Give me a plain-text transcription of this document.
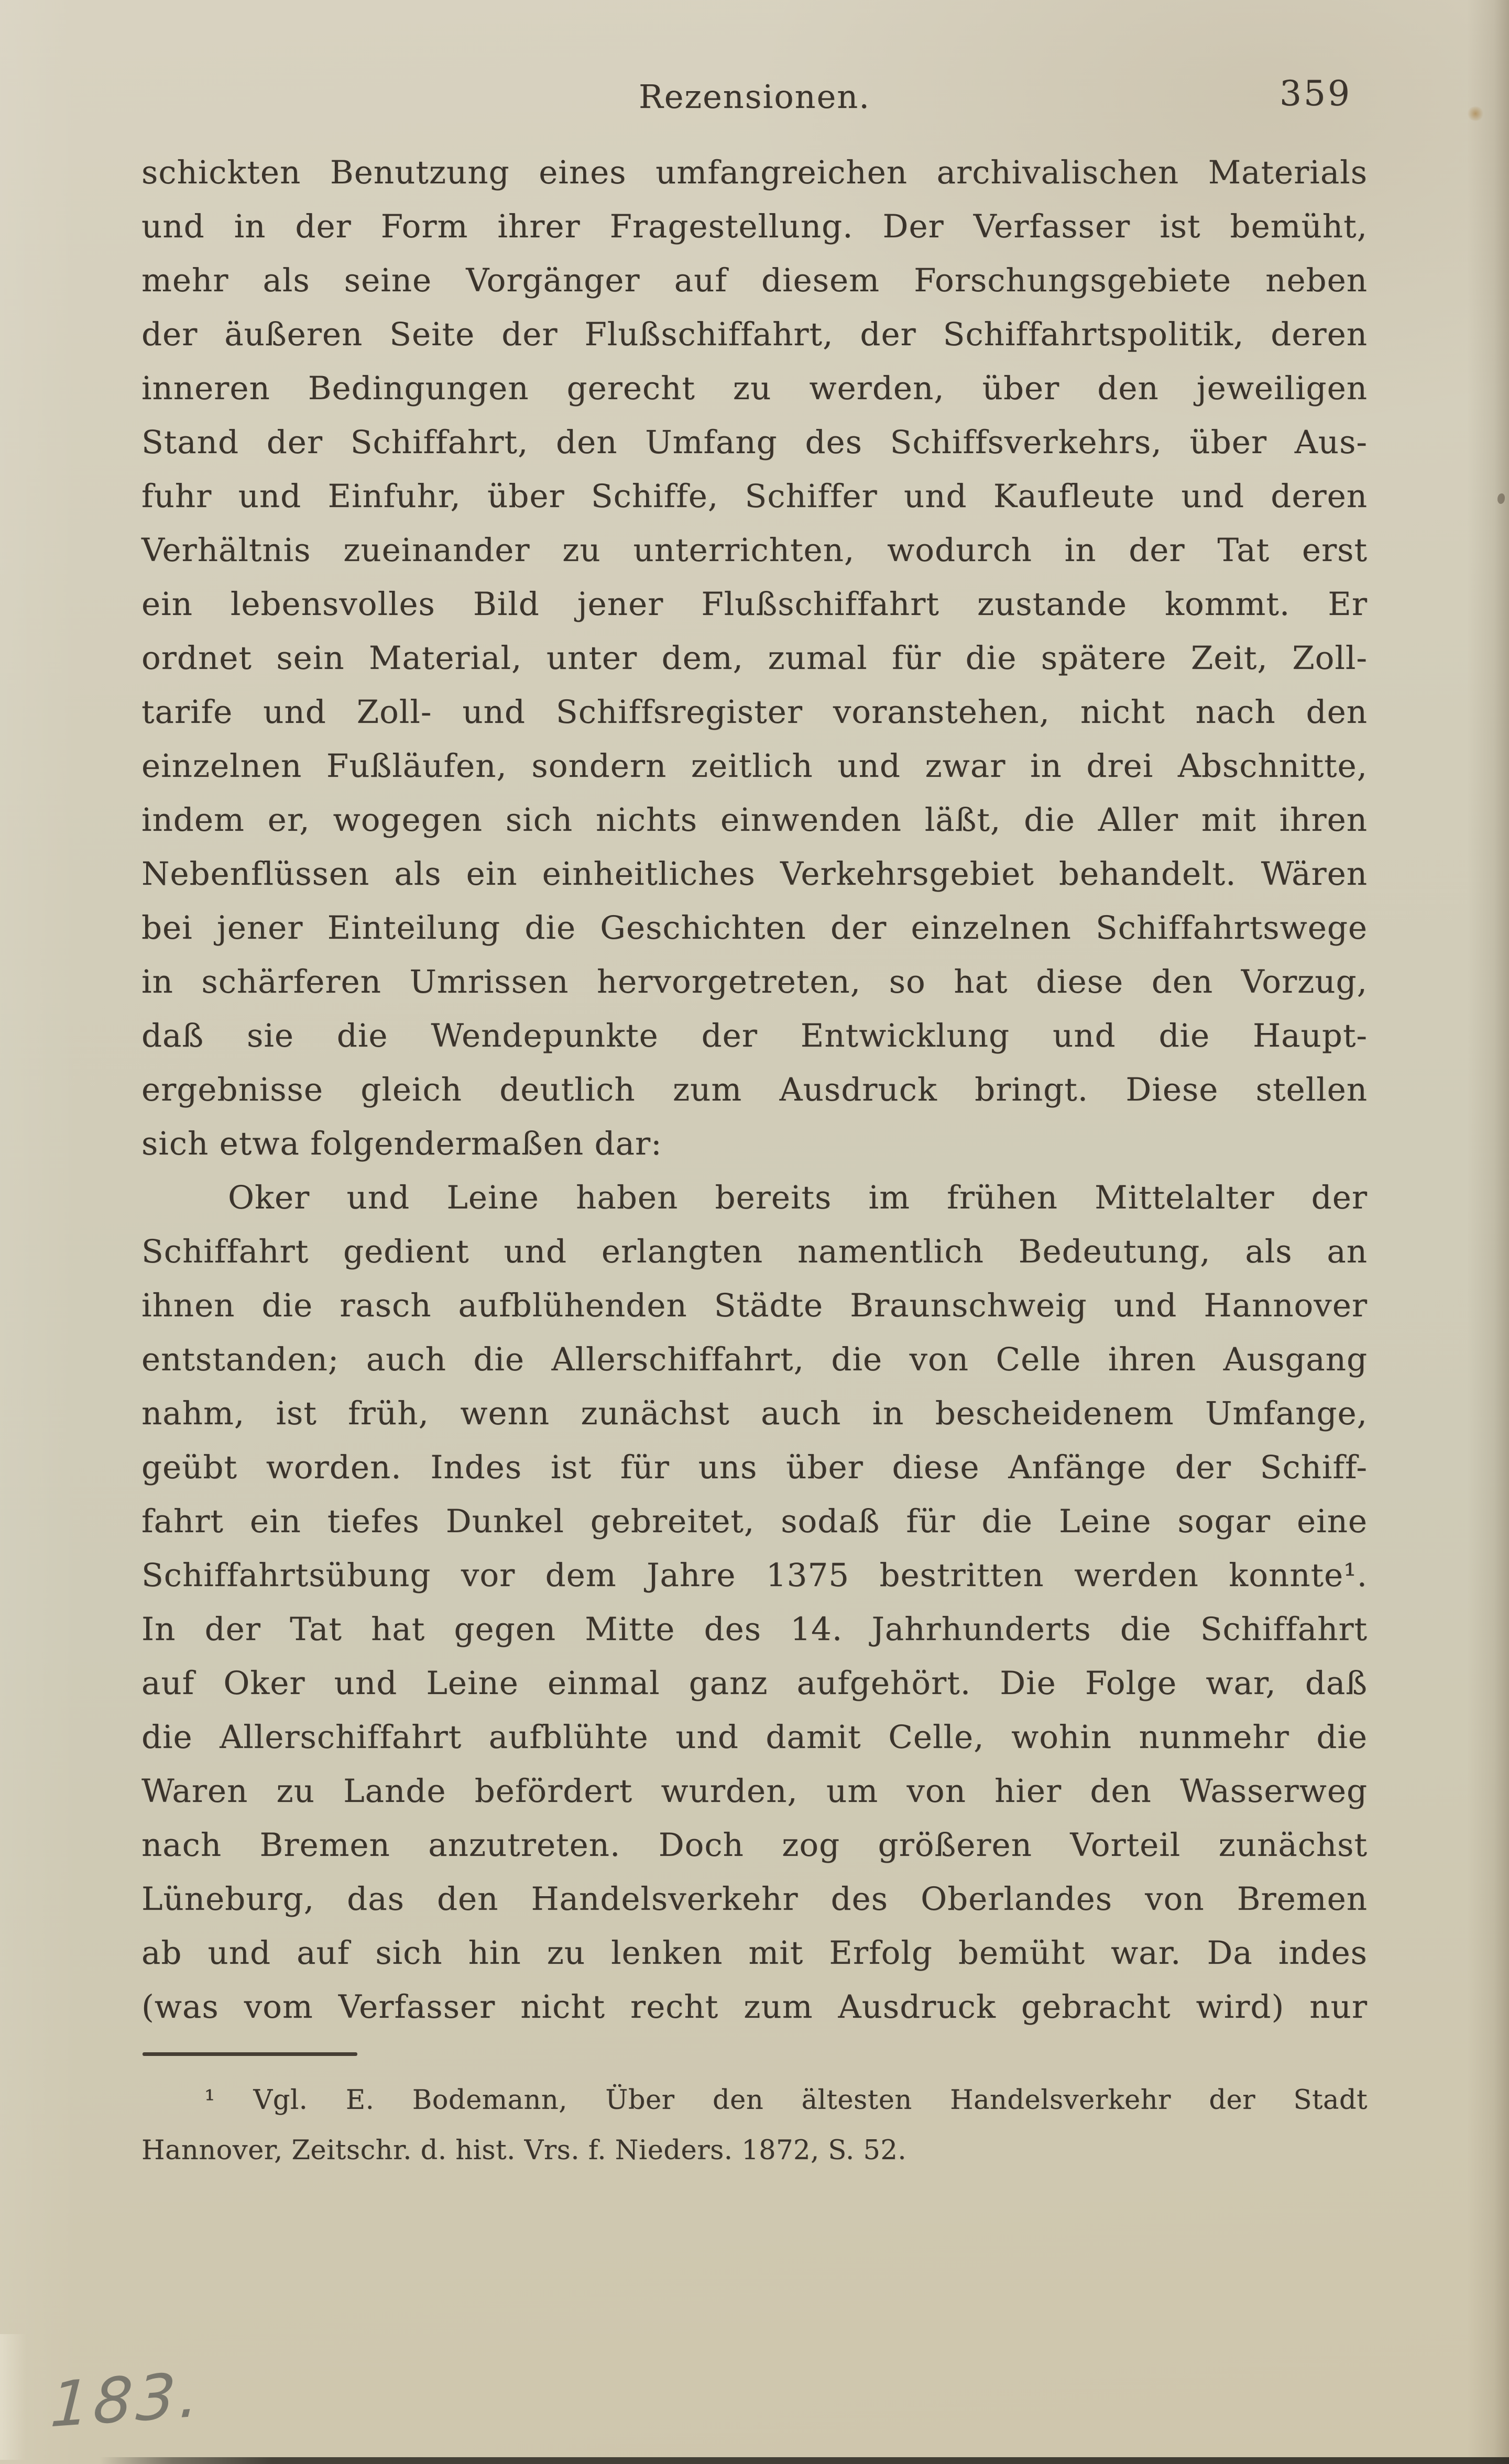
Rezensionen.	359
schickten Benutzung eines umfangreichen archivalischen Materials
und in der Form ihrer Fragestellung. Der Verfasser ist bemüht,
mehr als seine Vorgänger auf diesem Forschungsgebiete neben
der äußeren Seite der Flußschiffahrt, der Schiffahrtspolitik, deren
inneren Bedingungen gerecht zu werden, über den jeweiligen
Stand der Schiffahrt, den Umfang des Schiffsverkehrs, über Aus-
fuhr und Einfuhr, über Schiffe, Schiffer und Kaufleute und deren
Verhältnis zueinander zu unterrichten, wodurch in der Tat erst
ein lebensvolles Bild jener Flußschiffahrt zustande kommt. Er
ordnet sein Material, unter dem, zumal für die spätere Zeit, Zoll-
tarife und Zoll- und Schiffsregister voranstehen, nicht nach den
einzelnen Fußläufen, sondern zeitlich und zwar in drei Abschnitte,
indem er, wogegen sich nichts einwenden läßt, die Aller mit ihren
Nebenflüssen als ein einheitliches Verkehrsgebiet behandelt. Wären
bei jener Einteilung die Geschichten der einzelnen Schiffahrtswege
in schärferen Umrissen hervorgetreten, so hat diese den Vorzug,
daß sie die Wendepunkte der Entwicklung und die Haupt-
ergebnisse gleich deutlich zum Ausdruck bringt. Diese stellen
sich etwa folgendermaßen dar:
Oker und Leine haben bereits im frühen Mittelalter der
Schiffahrt gedient und erlangten namentlich Bedeutung, als an
ihnen die rasch aufblühenden Städte Braunschweig und Hannover
entstanden; auch die Allerschiffahrt, die von Celle ihren Ausgang
nahm, ist früh, wenn zunächst auch in bescheidenem Umfange,
geübt worden. Indes ist für uns über diese Anfänge der Schiff-
fahrt ein tiefes Dunkel gebreitet, sodaß für die Leine sogar eine
Schiffahrtsübung vor dem Jahre 1375 bestritten werden konnte¹.
In der Tat hat gegen Mitte des 14. Jahrhunderts die Schiffahrt
auf Oker und Leine einmal ganz aufgehört. Die Folge war, daß
die Allerschiffahrt aufblühte und damit Celle, wohin nunmehr die
Waren zu Lande befördert wurden, um von hier den Wasserweg
nach Bremen anzutreten. Doch zog größeren Vorteil zunächst
Lüneburg, das den Handelsverkehr des Oberlandes von Bremen
ab und auf sich hin zu lenken mit Erfolg bemüht war. Da indes
(was vom Verfasser nicht recht zum Ausdruck gebracht wird) nur
¹ Vgl. E. Bodemann, Über den ältesten Handelsverkehr der Stadt
Hannover, Zeitschr. d. hist. Vrs. f. Nieders. 1872, S. 52.
183.
